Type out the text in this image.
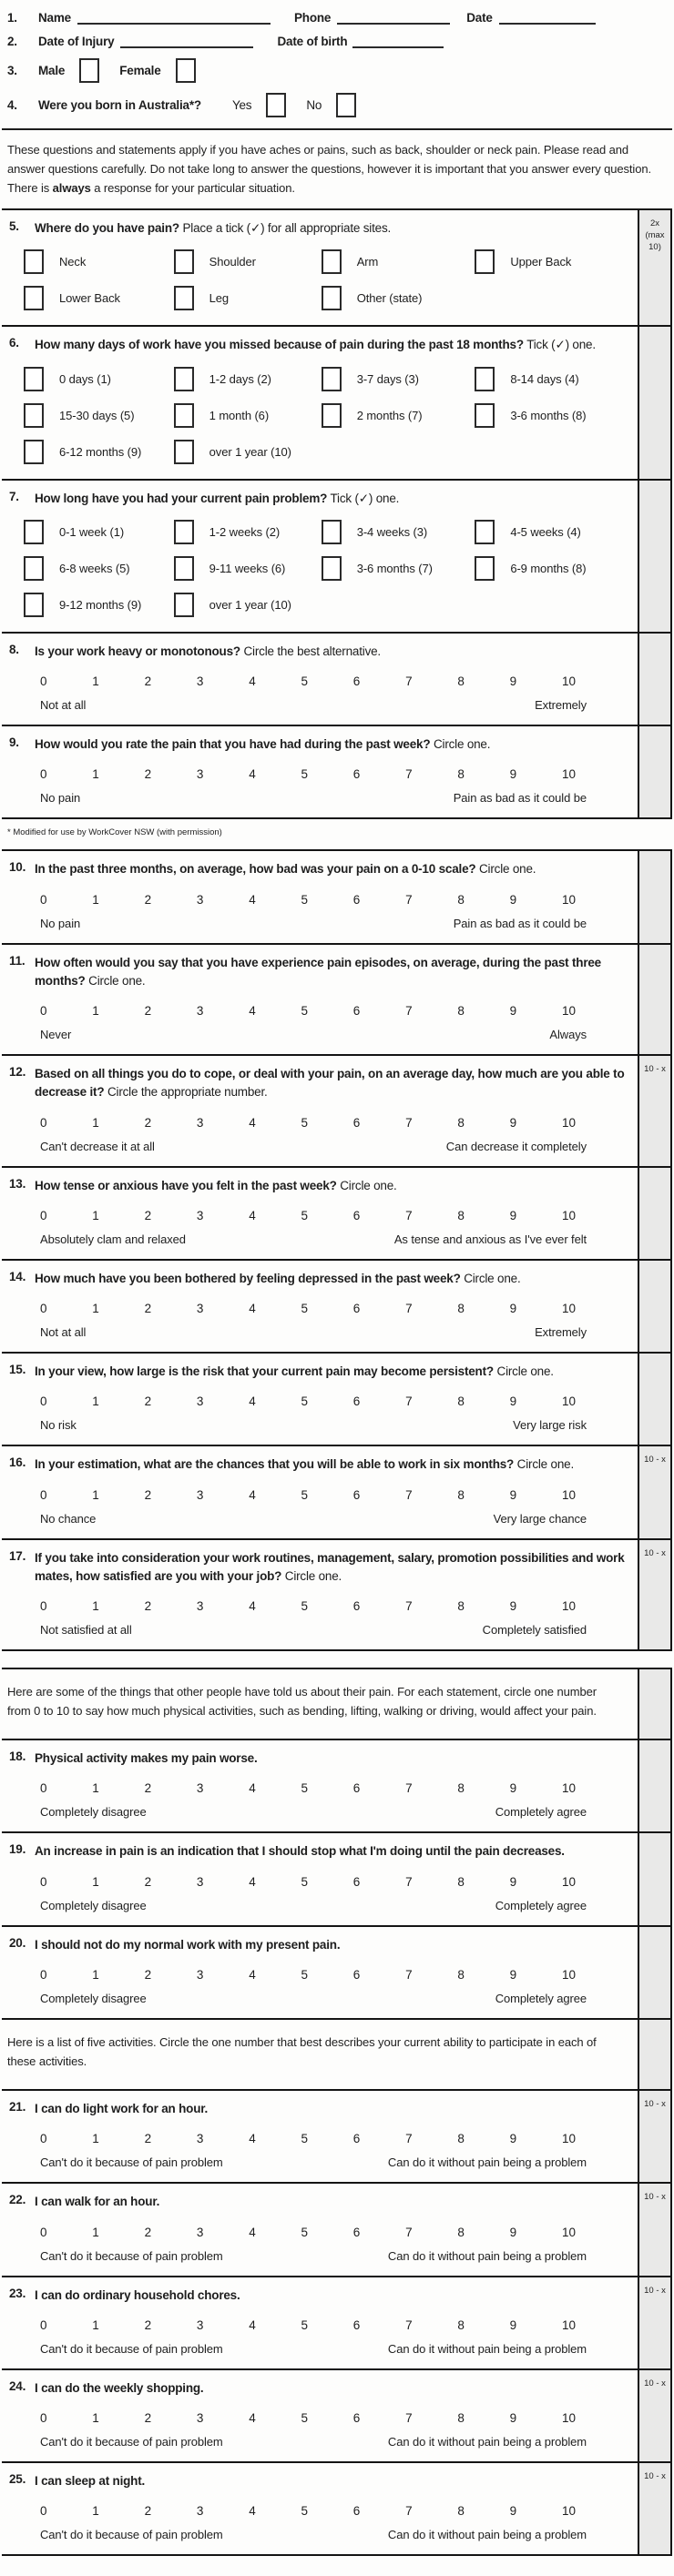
1.	Name	Phone	Date
2.	Date of Injury	Date of birth
3.	Male	Female
4.	Were you born in Australia*?	Yes	No

These questions and statements apply if you have aches or pains, such as back, shoulder or neck pain. Please read and answer questions carefully. Do not take long to answer the questions, however it is important that you answer every question. There is always a response for your particular situation.

5.	Where do you have pain? Place a tick (✓) for all appropriate sites.
Neck	Shoulder	Arm	Upper Back
Lower Back	Leg	Other (state)
2x
(max 10)
6.	How many days of work have you missed because of pain during the past 18 months? Tick (✓) one.
0 days (1)	1-2 days (2)	3-7 days (3)	8-14 days (4)
15-30 days (5)	1 month (6)	2 months (7)	3-6 months (8)
6-12 months (9)	over 1 year (10)
7.	How long have you had your current pain problem? Tick (✓) one.
0-1 week (1)	1-2 weeks (2)	3-4 weeks (3)	4-5 weeks (4)
6-8 weeks (5)	9-11 weeks (6)	3-6 months (7)	6-9 months (8)
9-12 months (9)	over 1 year (10)
8.	Is your work heavy or monotonous? Circle the best alternative.
0	1	2	3	4	5	6	7	8	9	10
Not at all	Extremely
9.	How would you rate the pain that you have had during the past week? Circle one.
0	1	2	3	4	5	6	7	8	9	10
No pain	Pain as bad as it could be
* Modified for use by WorkCover NSW (with permission)
10. In the past three months, on average, how bad was your pain on a 0-10 scale? Circle one.
0	1	2	3	4	5	6	7	8	9	10
No pain	Pain as bad as it could be
11. How often would you say that you have experience pain episodes, on average, during the past three months? Circle one.
0	1	2	3	4	5	6	7	8	9	10
Never	Always
12. Based on all things you do to cope, or deal with your pain, on an average day, how much are you able to decrease it? Circle the appropriate number.
0	1	2	3	4	5	6	7	8	9	10
Can't decrease it at all	Can decrease it completely
10 - x
13. How tense or anxious have you felt in the past week? Circle one.
0	1	2	3	4	5	6	7	8	9	10
Absolutely clam and relaxed	As tense and anxious as I've ever felt
14. How much have you been bothered by feeling depressed in the past week? Circle one.
0	1	2	3	4	5	6	7	8	9	10
Not at all	Extremely
15. In your view, how large is the risk that your current pain may become persistent? Circle one.
0	1	2	3	4	5	6	7	8	9	10
No risk	Very large risk
16. In your estimation, what are the chances that you will be able to work in six months? Circle one.
0	1	2	3	4	5	6	7	8	9	10
No chance	Very large chance
10 - x
17. If you take into consideration your work routines, management, salary, promotion possibilities and work mates, how satisfied are you with your job? Circle one.
0	1	2	3	4	5	6	7	8	9	10
Not satisfied at all	Completely satisfied
10 - x
Here are some of the things that other people have told us about their pain. For each statement, circle one number from 0 to 10 to say how much physical activities, such as bending, lifting, walking or driving, would affect your pain.
18. Physical activity makes my pain worse.
0	1	2	3	4	5	6	7	8	9	10
Completely disagree	Completely agree
19. An increase in pain is an indication that I should stop what I'm doing until the pain decreases.
0	1	2	3	4	5	6	7	8	9	10
Completely disagree	Completely agree
20. I should not do my normal work with my present pain.
0	1	2	3	4	5	6	7	8	9	10
Completely disagree	Completely agree
Here is a list of five activities. Circle the one number that best describes your current ability to participate in each of these activities.
21. I can do light work for an hour.
0	1	2	3	4	5	6	7	8	9	10
Can't do it because of pain problem	Can do it without pain being a problem
10 - x
22. I can walk for an hour.
0	1	2	3	4	5	6	7	8	9	10
Can't do it because of pain problem	Can do it without pain being a problem
10 - x
23. I can do ordinary household chores.
0	1	2	3	4	5	6	7	8	9	10
Can't do it because of pain problem	Can do it without pain being a problem
10 - x
24. I can do the weekly shopping.
0	1	2	3	4	5	6	7	8	9	10
Can't do it because of pain problem	Can do it without pain being a problem
10 - x
25. I can sleep at night.
0	1	2	3	4	5	6	7	8	9	10
Can't do it because of pain problem	Can do it without pain being a problem
10 - x
